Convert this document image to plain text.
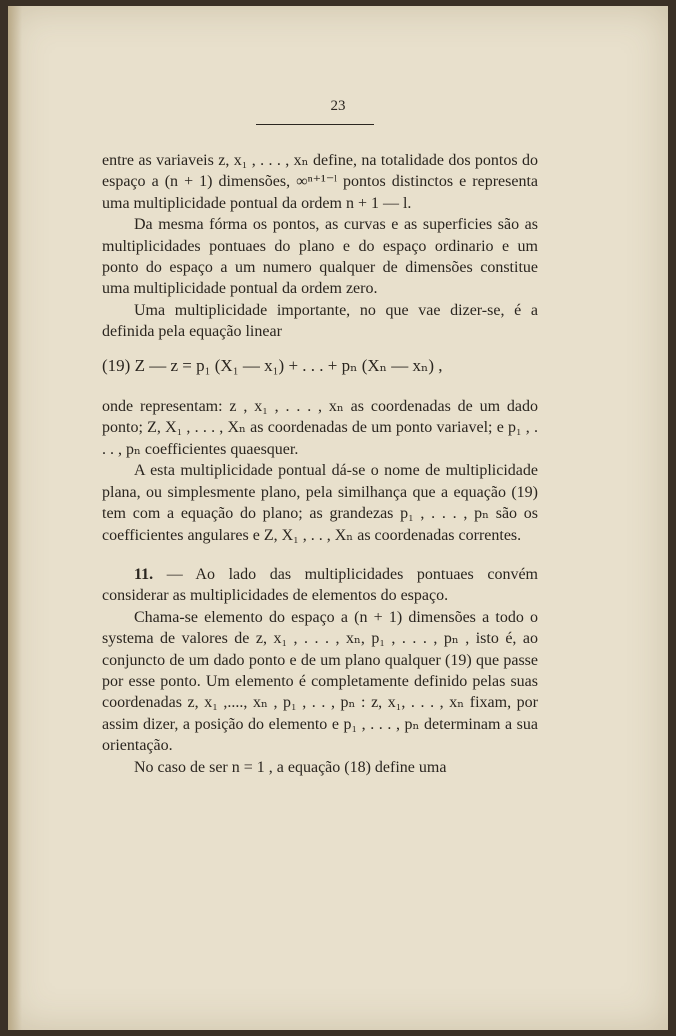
23

entre as variaveis z, x₁ , . . . , xₙ define, na totalidade dos pontos do espaço a (n + 1) dimensões, ∞ⁿ⁺¹⁻ˡ pontos distinctos e representa uma multiplicidade pontual da ordem n + 1 — l.

Da mesma fórma os pontos, as curvas e as superficies são as multiplicidades pontuaes do plano e do espaço ordinario e um ponto do espaço a um numero qualquer de dimensões constitue uma multiplicidade pontual da ordem zero.

Uma multiplicidade importante, no que vae dizer-se, é a definida pela equação linear

(19) Z — z = p₁ (X₁ — x₁) + . . . + pₙ (Xₙ — xₙ) ,

onde representam: z , x₁ , . . . , xₙ as coordenadas de um dado ponto; Z, X₁ , . . . , Xₙ as coordenadas de um ponto variavel; e p₁ , . . . , pₙ coefficientes quaesquer.

A esta multiplicidade pontual dá-se o nome de multiplicidade plana, ou simplesmente plano, pela similhança que a equação (19) tem com a equação do plano; as grandezas p₁ , . . . , pₙ são os coefficientes angulares e Z, X₁ , . . , Xₙ as coordenadas correntes.

11. — Ao lado das multiplicidades pontuaes convém considerar as multiplicidades de elementos do espaço.

Chama-se elemento do espaço a (n + 1) dimensões a todo o systema de valores de z, x₁ , . . . , xₙ, p₁ , . . . , pₙ , isto é, ao conjuncto de um dado ponto e de um plano qualquer (19) que passe por esse ponto. Um elemento é completamente definido pelas suas coordenadas z, x₁ ,...., xₙ , p₁ , . . , pₙ : z, x₁, . . . , xₙ fixam, por assim dizer, a posição do elemento e p₁ , . . . , pₙ determinam a sua orientação.

No caso de ser n = 1 , a equação (18) define uma
